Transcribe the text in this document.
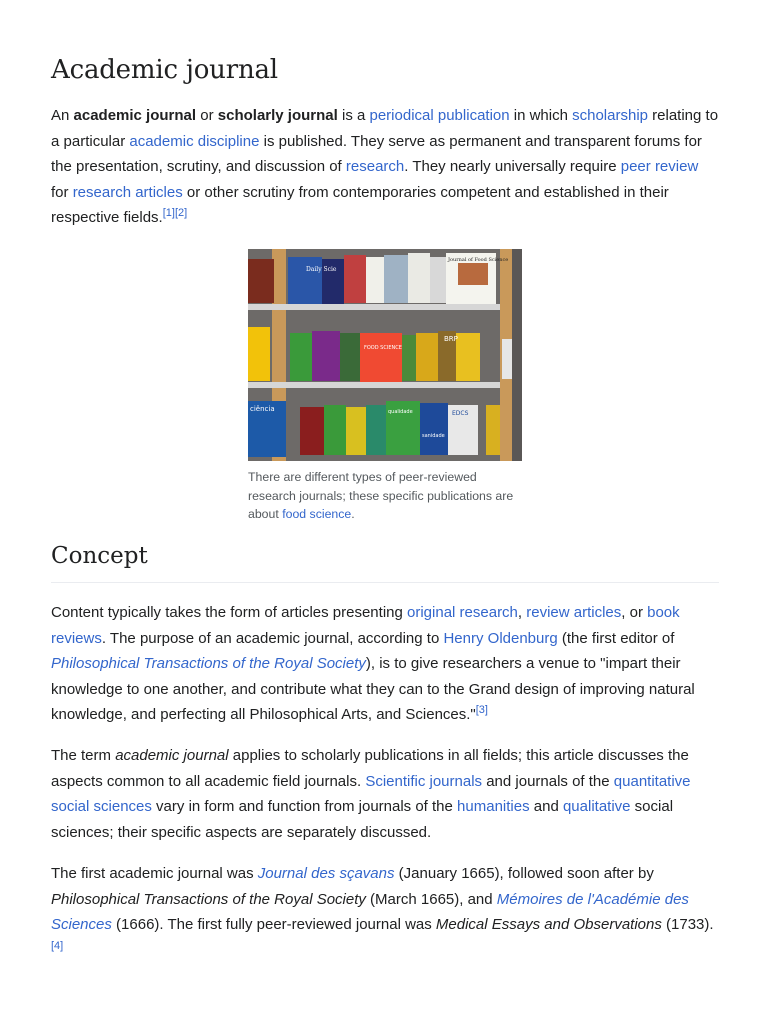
Academic journal

An academic journal or scholarly journal is a periodical publication in which scholarship relating to a particular academic discipline is published. They serve as permanent and transparent forums for the presentation, scrutiny, and discussion of research. They nearly universally require peer review for research articles or other scrutiny from contemporaries competent and established in their respective fields.[1][2]

Daily Scie
Journal of Food Science
FOOD SCIENCE
BRP
ciência	qualidade
sanidade
EDCS
There are different types of peer-reviewed research journals; these specific publications are about food science.
Concept

Content typically takes the form of articles presenting original research, review articles, or book reviews. The purpose of an academic journal, according to Henry Oldenburg (the first editor of Philosophical Transactions of the Royal Society), is to give researchers a venue to "impart their knowledge to one another, and contribute what they can to the Grand design of improving natural knowledge, and perfecting all Philosophical Arts, and Sciences."[3]

The term academic journal applies to scholarly publications in all fields; this article discusses the aspects common to all academic field journals. Scientific journals and journals of the quantitative social sciences vary in form and function from journals of the humanities and qualitative social sciences; their specific aspects are separately discussed.

The first academic journal was Journal des sçavans (January 1665), followed soon after by Philosophical Transactions of the Royal Society (March 1665), and Mémoires de l'Académie des Sciences (1666). The first fully peer-reviewed journal was Medical Essays and Observations (1733).[4]
